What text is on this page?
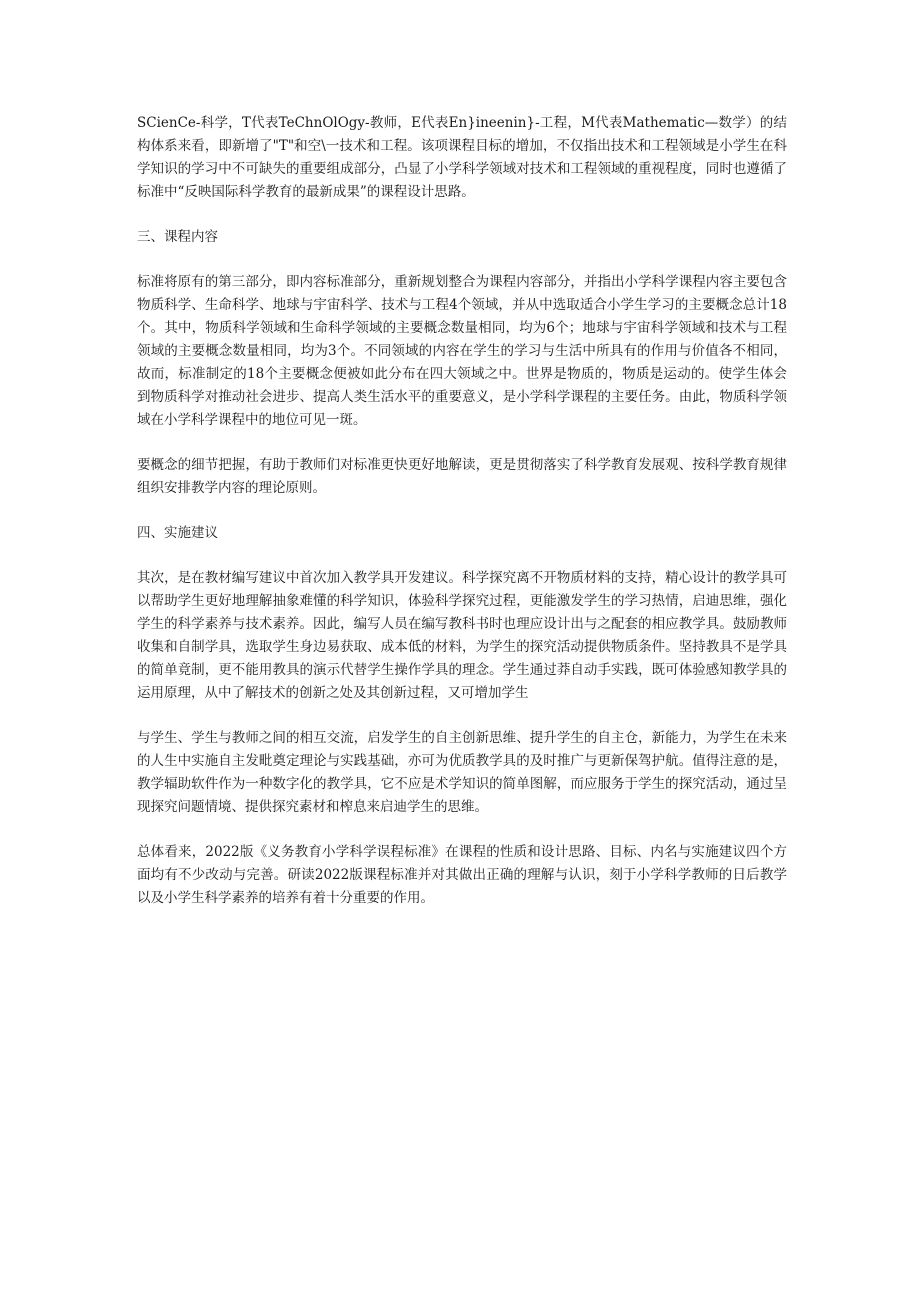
SCienCe-科学，T代表TeChnOlOgy-教师，E代表En}ineenin}-工程，M代表Mathematic—数学）的结构体系来看，即新增了"T"和空\一技术和工程。该项课程目标的增加，不仅指出技术和工程领域是小学生在科学知识的学习中不可缺失的重要组成部分，凸显了小学科学领域对技术和工程领域的重视程度，同时也遵循了标准中“反映国际科学教育的最新成果”的课程设计思路。

三、课程内容

标准将原有的第三部分，即内容标准部分，重新规划整合为课程内容部分，并指出小学科学课程内容主要包含物质科学、生命科学、地球与宇宙科学、技术与工程4个领域，并从中选取适合小学生学习的主要概念总计18个。其中，物质科学领域和生命科学领域的主要概念数量相同，均为6个；地球与宇宙科学领域和技术与工程领域的主要概念数量相同，均为3个。不同领域的内容在学生的学习与生活中所具有的作用与价值各不相同，故而，标准制定的18个主要概念便被如此分布在四大领域之中。世界是物质的，物质是运动的。使学生体会到物质科学对推动社会进步、提高人类生活水平的重要意义，是小学科学课程的主要任务。由此，物质科学领域在小学科学课程中的地位可见一斑。

要概念的细节把握，有助于教师们对标准更快更好地解读，更是贯彻落实了科学教育发展观、按科学教育规律组织安排教学内容的理论原则。

四、实施建议

其次，是在教材编写建议中首次加入教学具开发建议。科学探究离不开物质材料的支持，精心设计的教学具可以帮助学生更好地理解抽象难懂的科学知识，体验科学探究过程，更能激发学生的学习热情，启迪思维，强化学生的科学素养与技术素养。因此，编写人员在编写教科书时也理应设计出与之配套的相应教学具。鼓励教师收集和自制学具，选取学生身边易获取、成本低的材料，为学生的探究活动提供物质条件。坚持教具不是学具的简单竟制，更不能用教具的演示代替学生操作学具的理念。学生通过莽自动手实践，既可体验感知教学具的运用原理，从中了解技术的创新之处及其创新过程，又可增加学生

与学生、学生与教师之间的相互交流，启发学生的自主创新思维、提升学生的自主仓，新能力，为学生在未来的人生中实施自主发毗奠定理论与实践基础，亦可为优质教学具的及时推广与更新保驾护航。值得注意的是，教学辐助软件作为一种数字化的教学具，它不应是术学知识的简单图解，而应服务于学生的探究活动，通过呈现探究问题情境、提供探究素材和榨息来启迪学生的思维。

总体看来，2022版《义务教育小学科学误程标准》在课程的性质和设计思路、目标、内名与实施建议四个方面均有不少改动与完善。研读2022版课程标准并对其做出正确的理解与认识，刻于小学科学教师的日后教学以及小学生科学素养的培养有着十分重要的作用。
